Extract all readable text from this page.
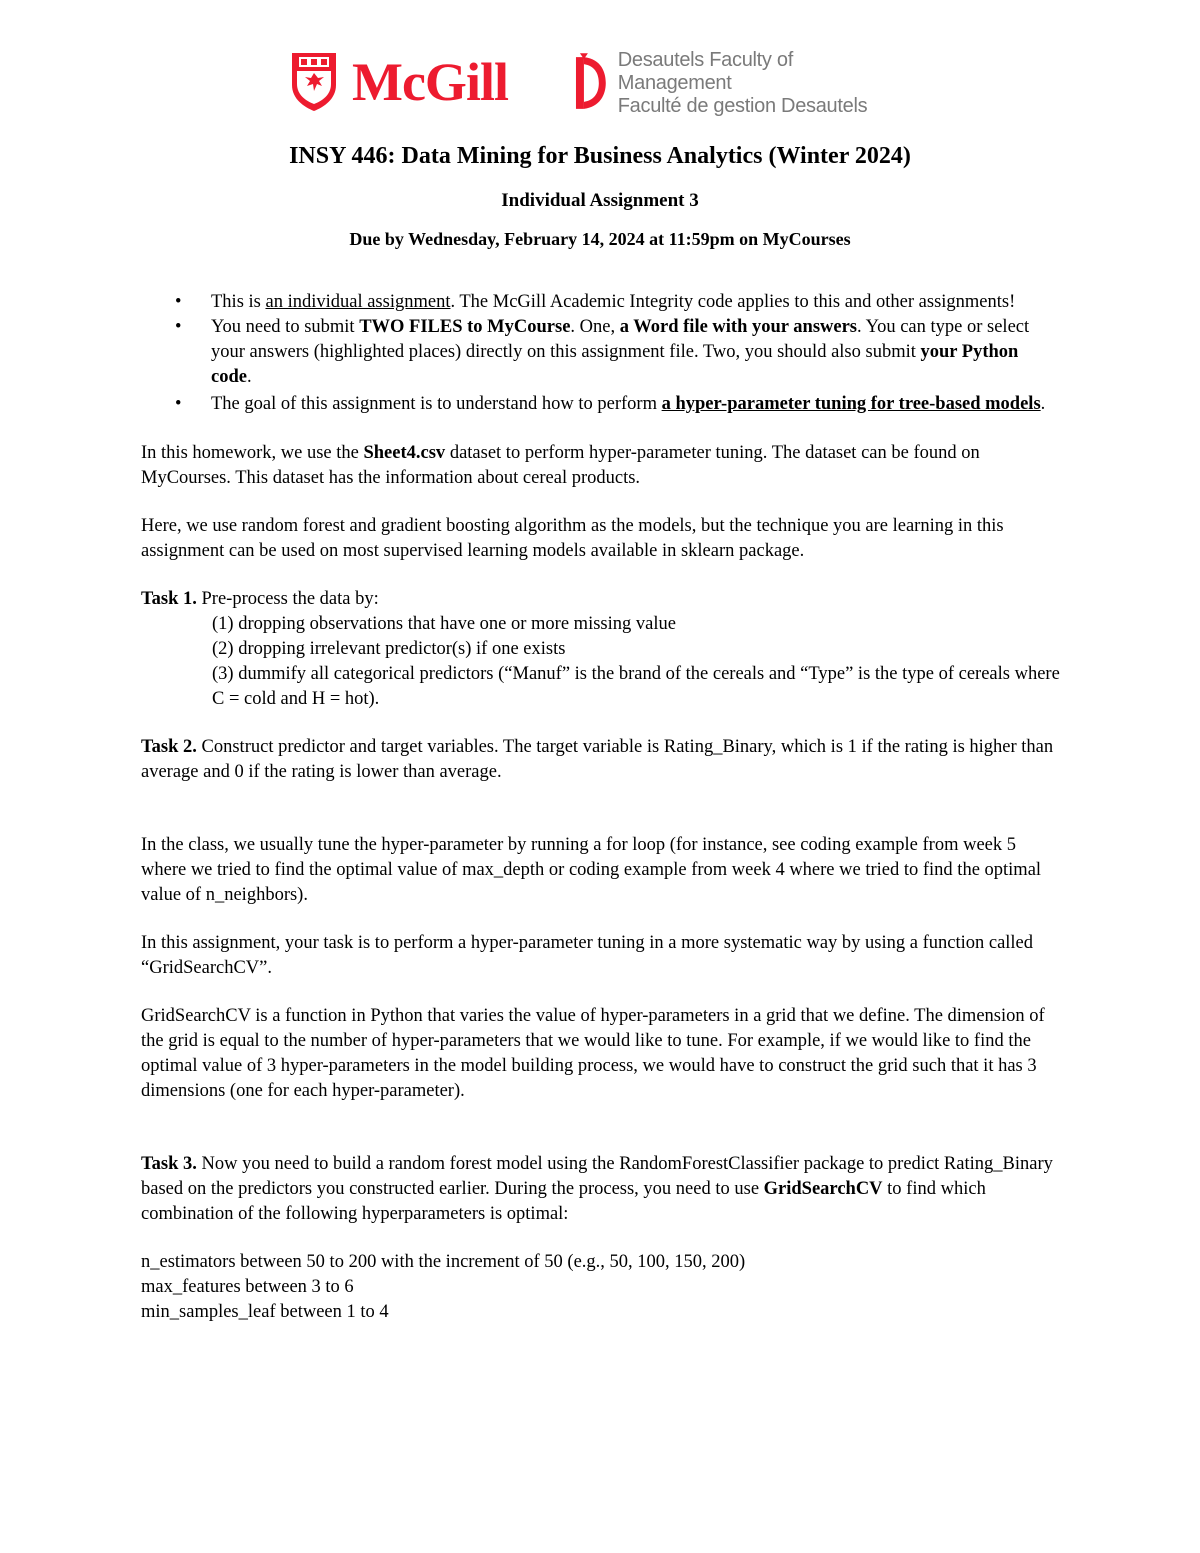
McGill	Desautels Faculty of Management
Faculté de gestion Desautels
INSY 446: Data Mining for Business Analytics (Winter 2024)
Individual Assignment 3
Due by Wednesday, February 14, 2024 at 11:59pm on MyCourses
• This is an individual assignment. The McGill Academic Integrity code applies to this and other assignments!
• You need to submit TWO FILES to MyCourse. One, a Word file with your answers. You can type or select your answers (highlighted places) directly on this assignment file. Two, you should also submit your Python code.
• The goal of this assignment is to understand how to perform a hyper-parameter tuning for tree-based models.

In this homework, we use the Sheet4.csv dataset to perform hyper-parameter tuning. The dataset can be found on MyCourses. This dataset has the information about cereal products.

Here, we use random forest and gradient boosting algorithm as the models, but the technique you are learning in this assignment can be used on most supervised learning models available in sklearn package.

Task 1. Pre-process the data by:

(1) dropping observations that have one or more missing value

(2) dropping irrelevant predictor(s) if one exists

(3) dummify all categorical predictors (“Manuf” is the brand of the cereals and “Type” is the type of cereals where C = cold and H = hot).

Task 2. Construct predictor and target variables. The target variable is Rating_Binary, which is 1 if the rating is higher than average and 0 if the rating is lower than average.

In the class, we usually tune the hyper-parameter by running a for loop (for instance, see coding example from week 5 where we tried to find the optimal value of max_depth or coding example from week 4 where we tried to find the optimal value of n_neighbors).

In this assignment, your task is to perform a hyper-parameter tuning in a more systematic way by using a function called “GridSearchCV”.

GridSearchCV is a function in Python that varies the value of hyper-parameters in a grid that we define. The dimension of the grid is equal to the number of hyper-parameters that we would like to tune. For example, if we would like to find the optimal value of 3 hyper-parameters in the model building process, we would have to construct the grid such that it has 3 dimensions (one for each hyper-parameter).

Task 3. Now you need to build a random forest model using the RandomForestClassifier package to predict Rating_Binary based on the predictors you constructed earlier. During the process, you need to use GridSearchCV to find which combination of the following hyperparameters is optimal:

n_estimators between 50 to 200 with the increment of 50 (e.g., 50, 100, 150, 200)

max_features between 3 to 6

min_samples_leaf between 1 to 4
